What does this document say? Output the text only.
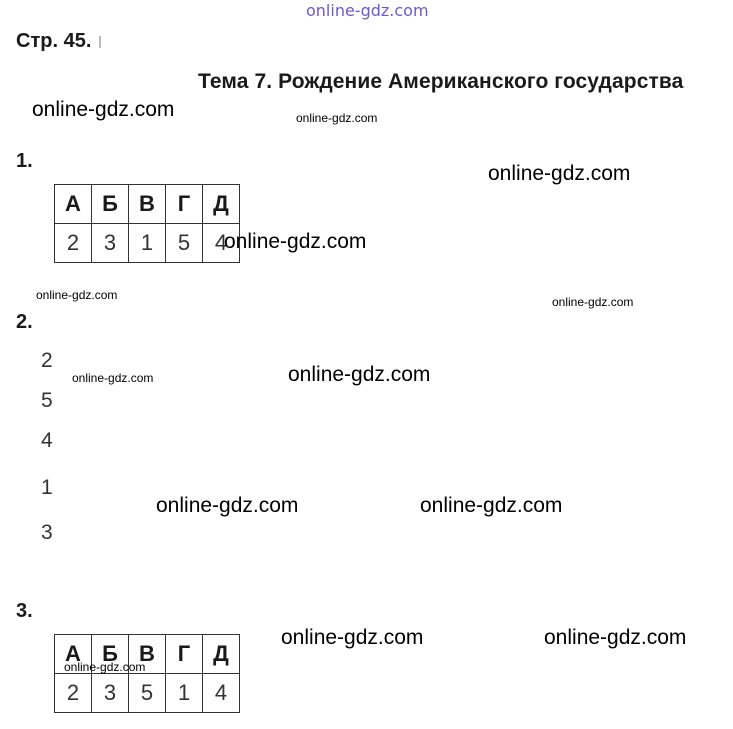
online-gdz.com
Стр. 45.
Тема 7. Рождение Американского государства
1.
А	Б	В	Г	Д
2	3	1	5	4
2.
2
5
4
1
3
3.
А	Б	В	Г	Д
2	3	5	1	4
online-gdz.com	online-gdz.com
online-gdz.com
online-gdz.com
online-gdz.com	online-gdz.com
online-gdz.com
online-gdz.com
online-gdz.com	online-gdz.com
online-gdz.com	online-gdz.com
online-gdz.com
